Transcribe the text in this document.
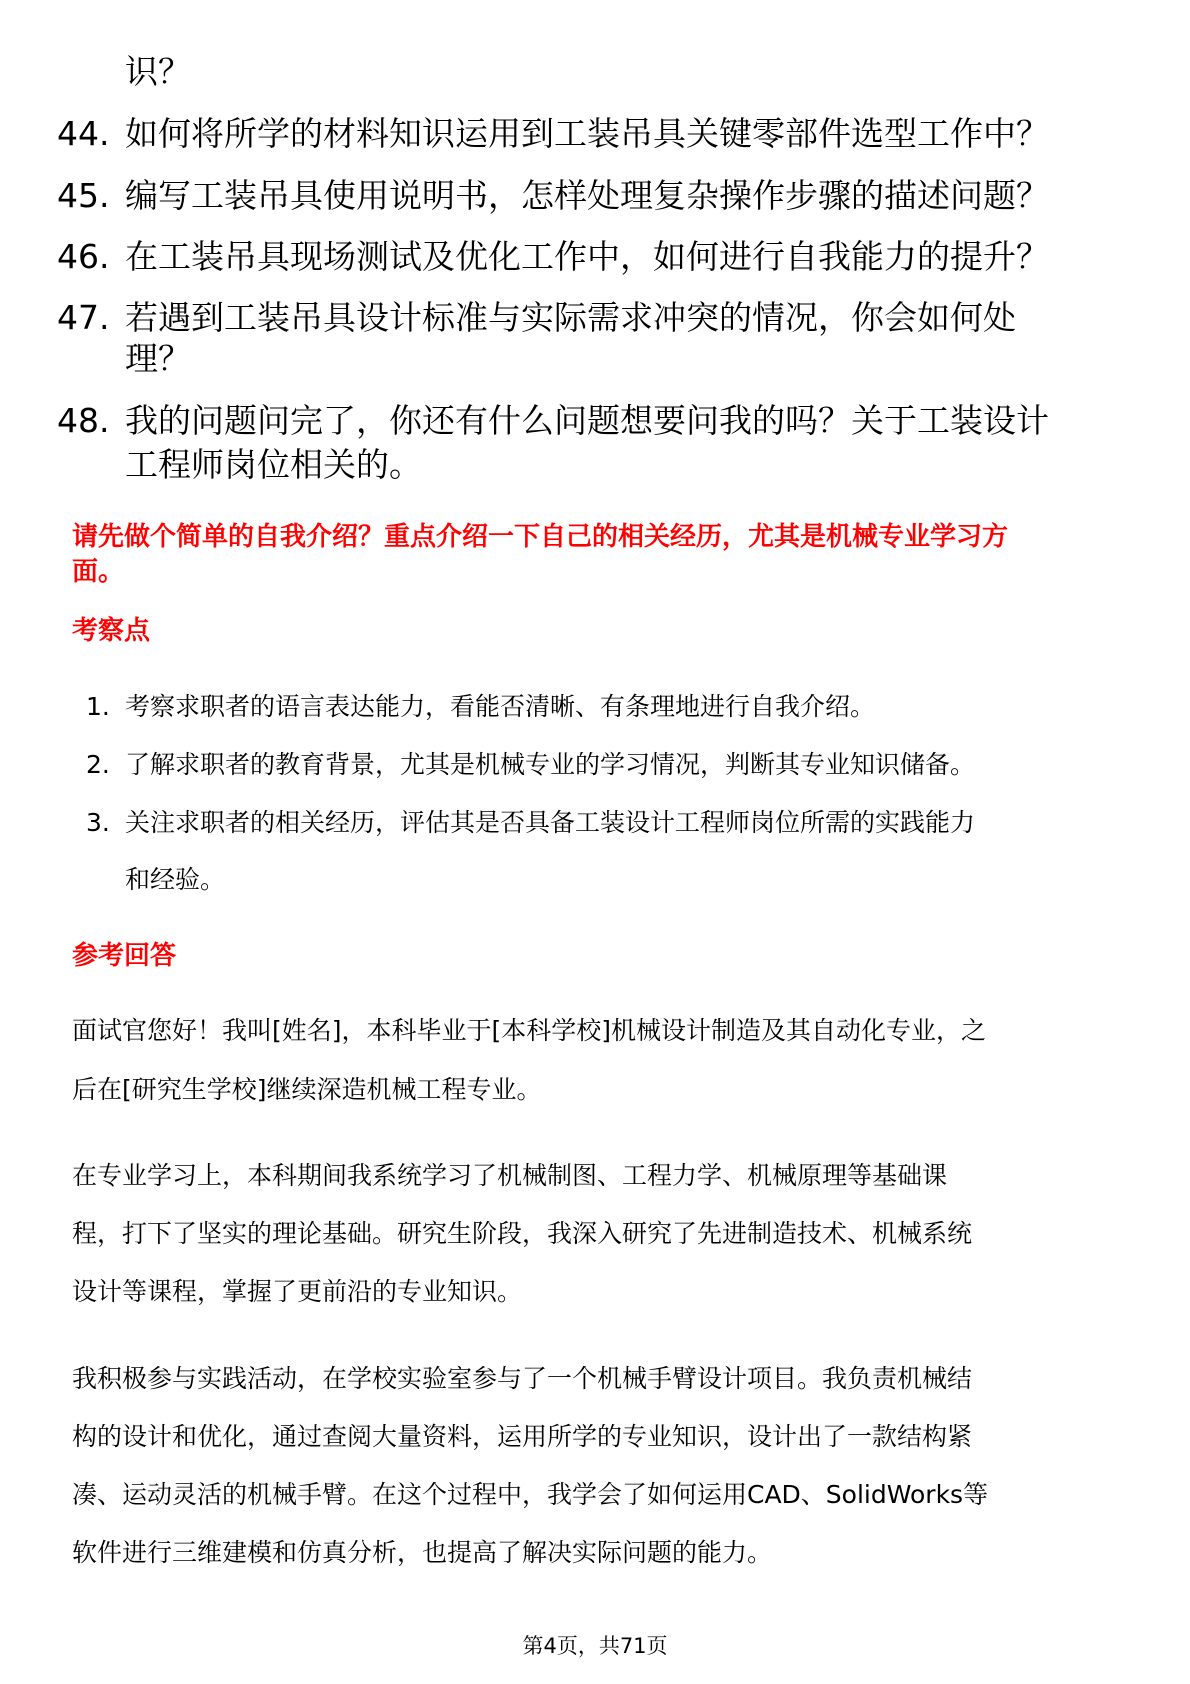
识？
44. 如何将所学的材料知识运用到工装吊具关键零部件选型工作中？
45. 编写工装吊具使用说明书，怎样处理复杂操作步骤的描述问题？
46. 在工装吊具现场测试及优化工作中，如何进行自我能力的提升？
47. 若遇到工装吊具设计标准与实际需求冲突的情况，你会如何处
理？
48. 我的问题问完了，你还有什么问题想要问我的吗？关于工装设计
工程师岗位相关的。
请先做个简单的自我介绍？重点介绍一下自己的相关经历，尤其是机械专业学习方
面。
考察点
1. 考察求职者的语言表达能力，看能否清晰、有条理地进行自我介绍。
2. 了解求职者的教育背景，尤其是机械专业的学习情况，判断其专业知识储备。
3. 关注求职者的相关经历，评估其是否具备工装设计工程师岗位所需的实践能力
和经验。
参考回答
面试官您好！我叫[姓名]，本科毕业于[本科学校]机械设计制造及其自动化专业，之
后在[研究生学校]继续深造机械工程专业。
在专业学习上，本科期间我系统学习了机械制图、工程力学、机械原理等基础课
程，打下了坚实的理论基础。研究生阶段，我深入研究了先进制造技术、机械系统
设计等课程，掌握了更前沿的专业知识。
我积极参与实践活动，在学校实验室参与了一个机械手臂设计项目。我负责机械结
构的设计和优化，通过查阅大量资料，运用所学的专业知识，设计出了一款结构紧
凑、运动灵活的机械手臂。在这个过程中，我学会了如何运用CAD、SolidWorks等
软件进行三维建模和仿真分析，也提高了解决实际问题的能力。
第4页，共71页
